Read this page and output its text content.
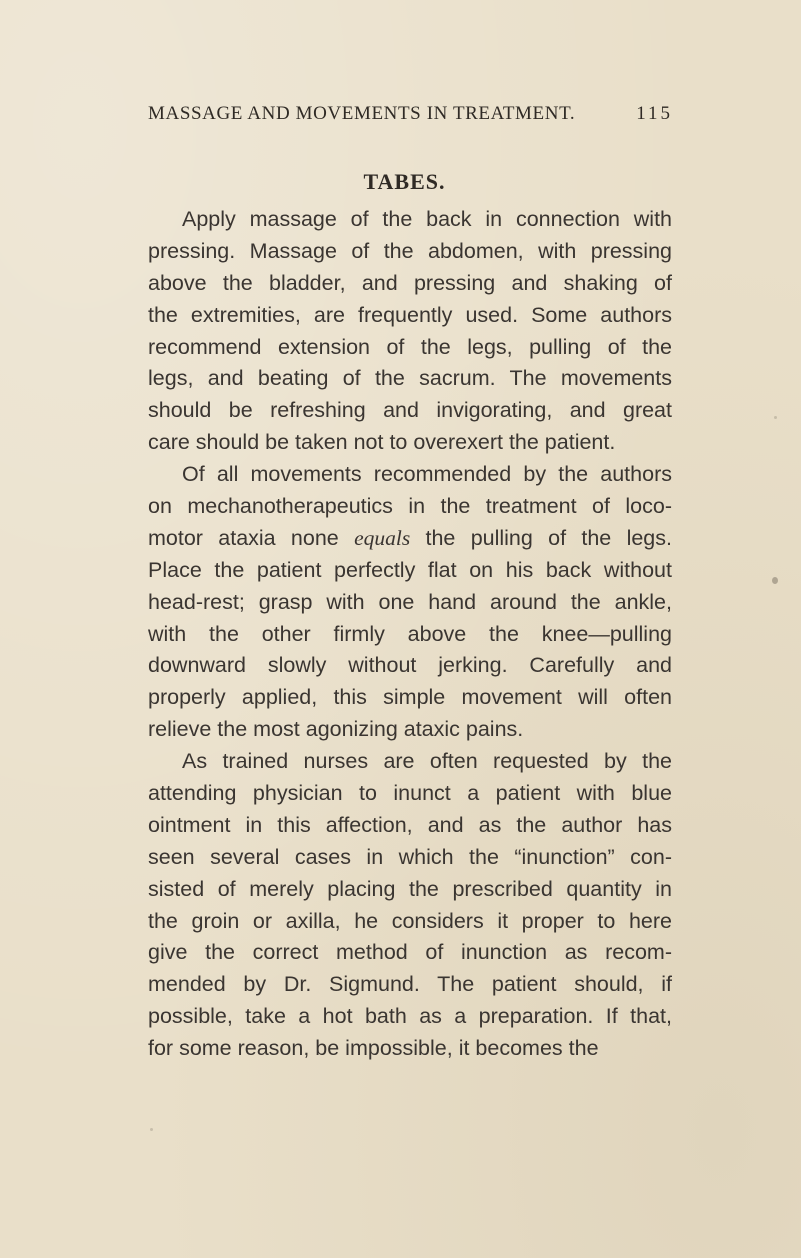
MASSAGE AND MOVEMENTS IN TREATMENT.	115
TABES.
Apply massage of the back in connection with
pressing. Massage of the abdomen, with pressing
above the bladder, and pressing and shaking of
the extremities, are frequently used. Some authors
recommend extension of the legs, pulling of the
legs, and beating of the sacrum. The movements
should be refreshing and invigorating, and great
care should be taken not to overexert the patient.
Of all movements recommended by the authors
on mechanotherapeutics in the treatment of loco-
motor ataxia none equals the pulling of the legs.
Place the patient perfectly flat on his back without
head-rest; grasp with one hand around the ankle,
with the other firmly above the knee—pulling
downward slowly without jerking. Carefully and
properly applied, this simple movement will often
relieve the most agonizing ataxic pains.
As trained nurses are often requested by the
attending physician to inunct a patient with blue
ointment in this affection, and as the author has
seen several cases in which the “inunction” con-
sisted of merely placing the prescribed quantity in
the groin or axilla, he considers it proper to here
give the correct method of inunction as recom-
mended by Dr. Sigmund. The patient should, if
possible, take a hot bath as a preparation. If that,
for some reason, be impossible, it becomes the
